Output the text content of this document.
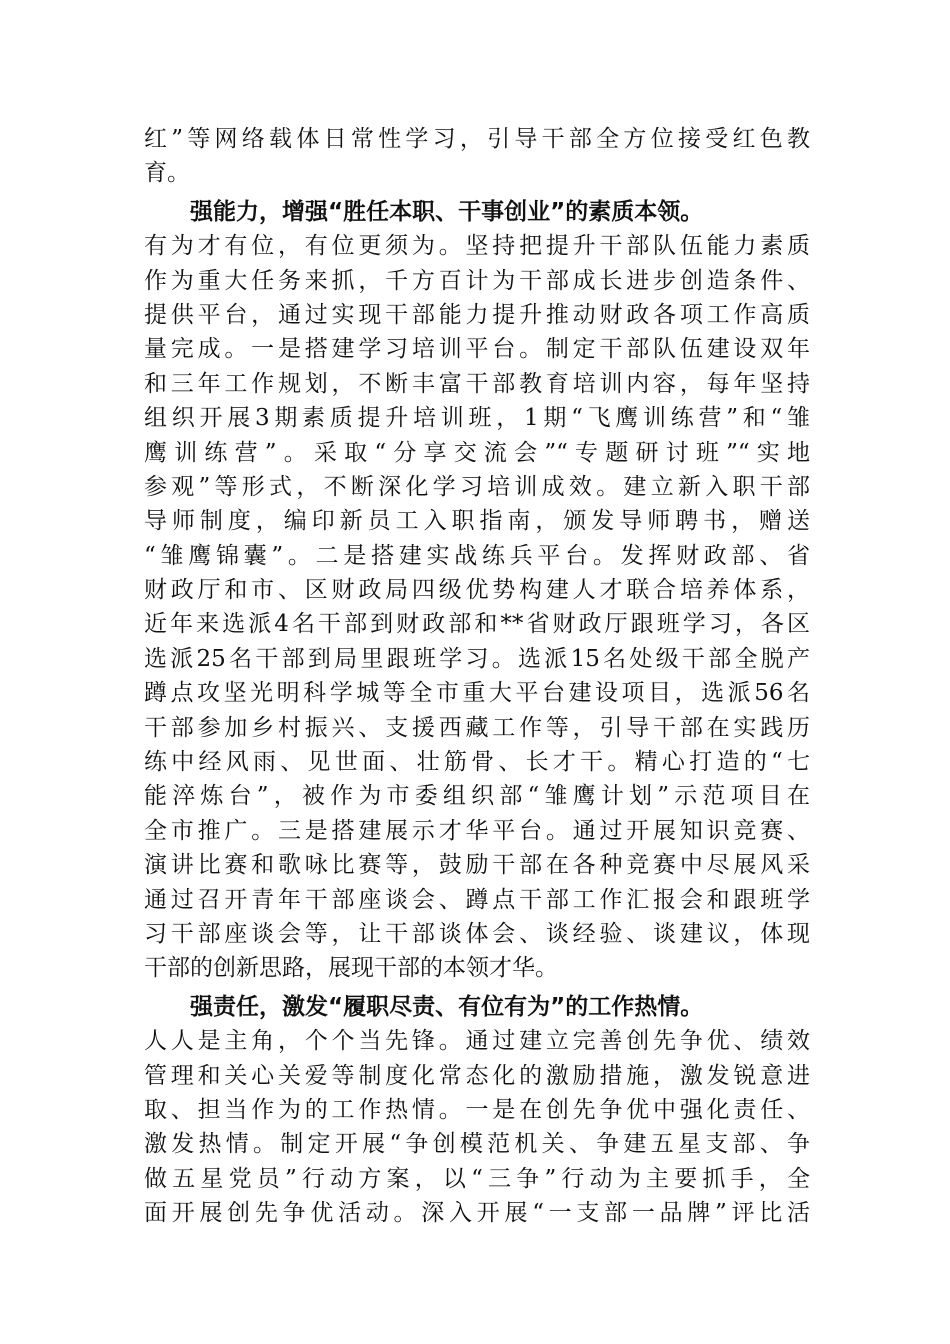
红”等网络载体日常性学习，引导干部全方位接受红色教
育。
强能力，增强“胜任本职、干事创业”的素质本领。
有为才有位，有位更须为。坚持把提升干部队伍能力素质
作为重大任务来抓，千方百计为干部成长进步创造条件、
提供平台，通过实现干部能力提升推动财政各项工作高质
量完成。一是搭建学习培训平台。制定干部队伍建设双年
和三年工作规划，不断丰富干部教育培训内容，每年坚持
组织开展3期素质提升培训班，1期“飞鹰训练营”和“雏
鹰训练营”。采取“分享交流会”“专题研讨班”“实地
参观”等形式，不断深化学习培训成效。建立新入职干部
导师制度，编印新员工入职指南，颁发导师聘书，赠送
“雏鹰锦囊”。二是搭建实战练兵平台。发挥财政部、省
财政厅和市、区财政局四级优势构建人才联合培养体系，
近年来选派4名干部到财政部和**省财政厅跟班学习，各区
选派25名干部到局里跟班学习。选派15名处级干部全脱产
蹲点攻坚光明科学城等全市重大平台建设项目，选派56名
干部参加乡村振兴、支援西藏工作等，引导干部在实践历
练中经风雨、见世面、壮筋骨、长才干。精心打造的“七
能淬炼台”，被作为市委组织部“雏鹰计划”示范项目在
全市推广。三是搭建展示才华平台。通过开展知识竞赛、
演讲比赛和歌咏比赛等，鼓励干部在各种竞赛中尽展风采
通过召开青年干部座谈会、蹲点干部工作汇报会和跟班学
习干部座谈会等，让干部谈体会、谈经验、谈建议，体现
干部的创新思路，展现干部的本领才华。
强责任，激发“履职尽责、有位有为”的工作热情。
人人是主角，个个当先锋。通过建立完善创先争优、绩效
管理和关心关爱等制度化常态化的激励措施，激发锐意进
取、担当作为的工作热情。一是在创先争优中强化责任、
激发热情。制定开展“争创模范机关、争建五星支部、争
做五星党员”行动方案，以“三争”行动为主要抓手，全
面开展创先争优活动。深入开展“一支部一品牌”评比活
